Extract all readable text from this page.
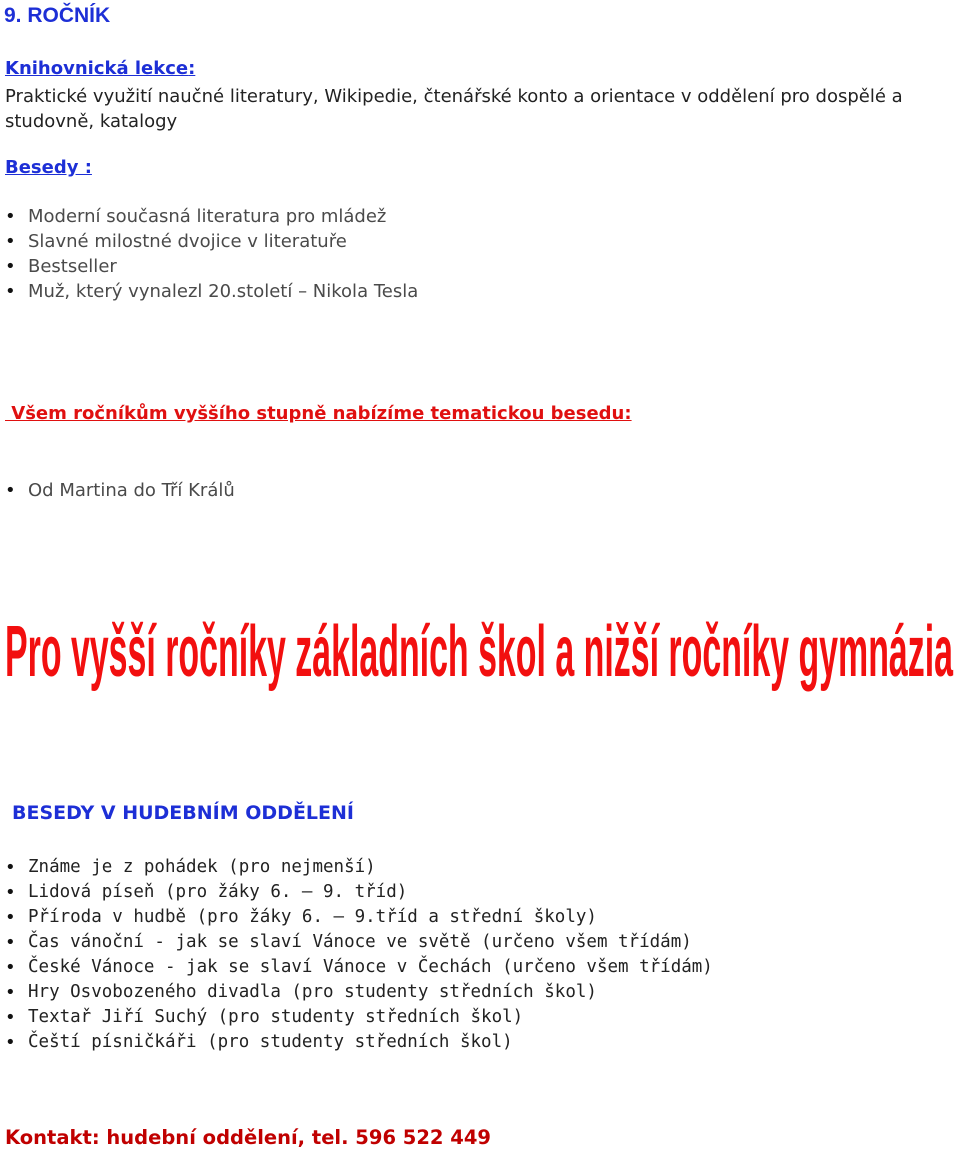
9. ROČNÍK
Knihovnická lekce:
Praktické využití naučné literatury, Wikipedie, čtenářské konto a orientace v oddělení pro dospělé a studovně, katalogy
Besedy :
• Moderní současná literatura pro mládež
• Slavné milostné dvojice v literatuře
• Bestseller
• Muž, který vynalezl 20.století – Nikola Tesla
Všem ročníkům vyššího stupně nabízíme tematickou besedu:
• Od Martina do Tří Králů
Pro vyšší ročníky základních škol a nižší ročníky gymnázia
BESEDY V HUDEBNÍM ODDĚLENÍ
• Známe je z pohádek (pro nejmenší)
• Lidová píseň (pro žáky 6. – 9. tříd)
• Příroda v hudbě (pro žáky 6. – 9.tříd a střední školy)
• Čas vánoční - jak se slaví Vánoce ve světě (určeno všem třídám)
• České Vánoce - jak se slaví Vánoce v Čechách (určeno všem třídám)
• Hry Osvobozeného divadla (pro studenty středních škol)
• Textař Jiří Suchý (pro studenty středních škol)
• Čeští písničkáři (pro studenty středních škol)
Kontakt: hudební oddělení, tel. 596 522 449
